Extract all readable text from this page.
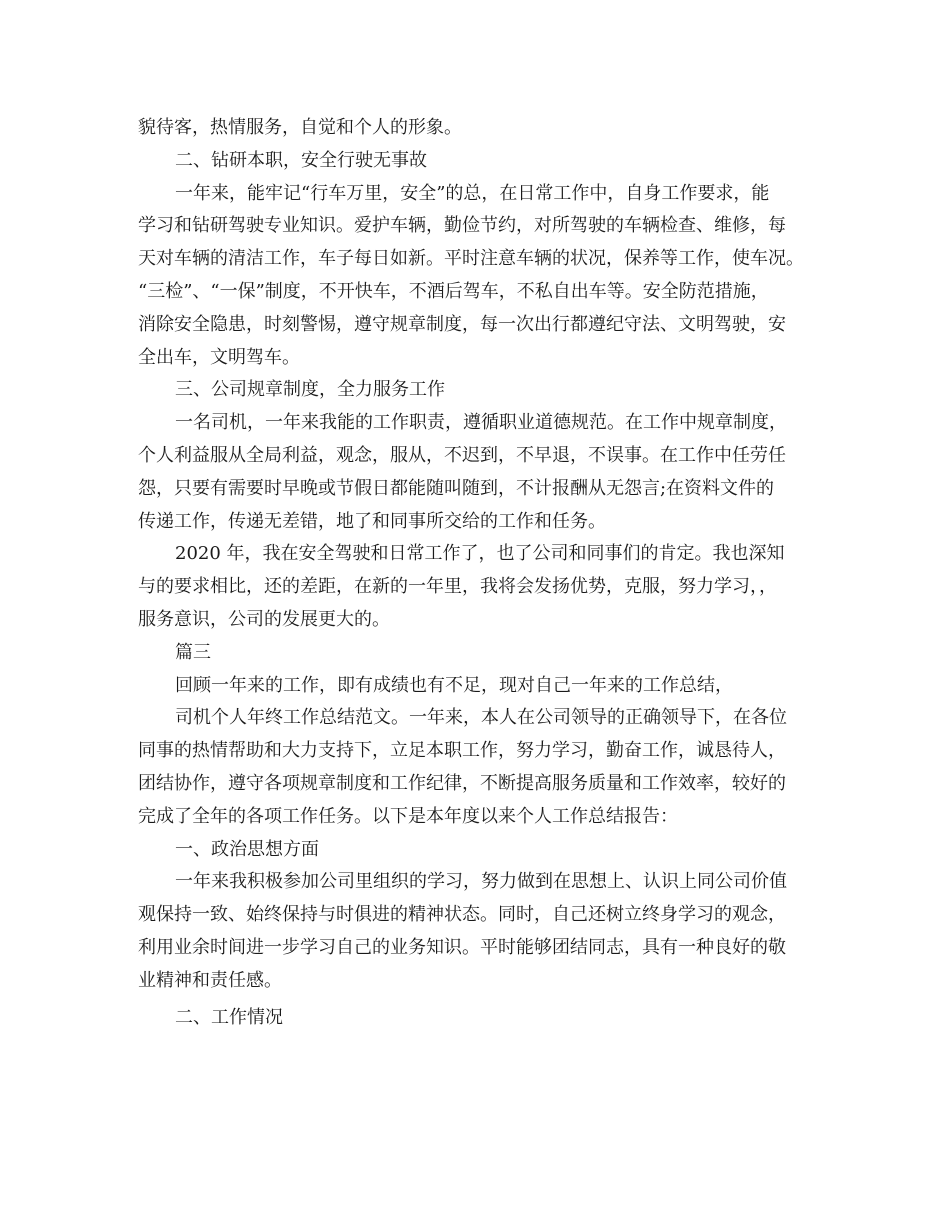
貌待客，热情服务，自觉和个人的形象。
二、钻研本职，安全行驶无事故
一年来，能牢记“行车万里，安全”的总，在日常工作中，自身工作要求，能
学习和钻研驾驶专业知识。爱护车辆，勤俭节约，对所驾驶的车辆检查、维修，每
天对车辆的清洁工作，车子每日如新。平时注意车辆的状况，保养等工作，使车况。
“三检”、“一保”制度，不开快车，不酒后驾车，不私自出车等。安全防范措施，
消除安全隐患，时刻警惕，遵守规章制度，每一次出行都遵纪守法、文明驾驶，安
全出车，文明驾车。
三、公司规章制度，全力服务工作
一名司机，一年来我能的工作职责，遵循职业道德规范。在工作中规章制度，
个人利益服从全局利益，观念，服从，不迟到，不早退，不误事。在工作中任劳任
怨，只要有需要时早晚或节假日都能随叫随到，不计报酬从无怨言;在资料文件的
传递工作，传递无差错，地了和同事所交给的工作和任务。
2020 年，我在安全驾驶和日常工作了，也了公司和同事们的肯定。我也深知
与的要求相比，还的差距，在新的一年里，我将会发扬优势，克服，努力学习，，
服务意识，公司的发展更大的。
篇三
回顾一年来的工作，即有成绩也有不足，现对自己一年来的工作总结，
司机个人年终工作总结范文。一年来，本人在公司领导的正确领导下，在各位
同事的热情帮助和大力支持下，立足本职工作，努力学习，勤奋工作，诚恳待人，
团结协作，遵守各项规章制度和工作纪律，不断提高服务质量和工作效率，较好的
完成了全年的各项工作任务。以下是本年度以来个人工作总结报告：
一、政治思想方面
一年来我积极参加公司里组织的学习，努力做到在思想上、认识上同公司价值
观保持一致、始终保持与时俱进的精神状态。同时，自己还树立终身学习的观念，
利用业余时间进一步学习自己的业务知识。平时能够团结同志，具有一种良好的敬
业精神和责任感。
二、工作情况
